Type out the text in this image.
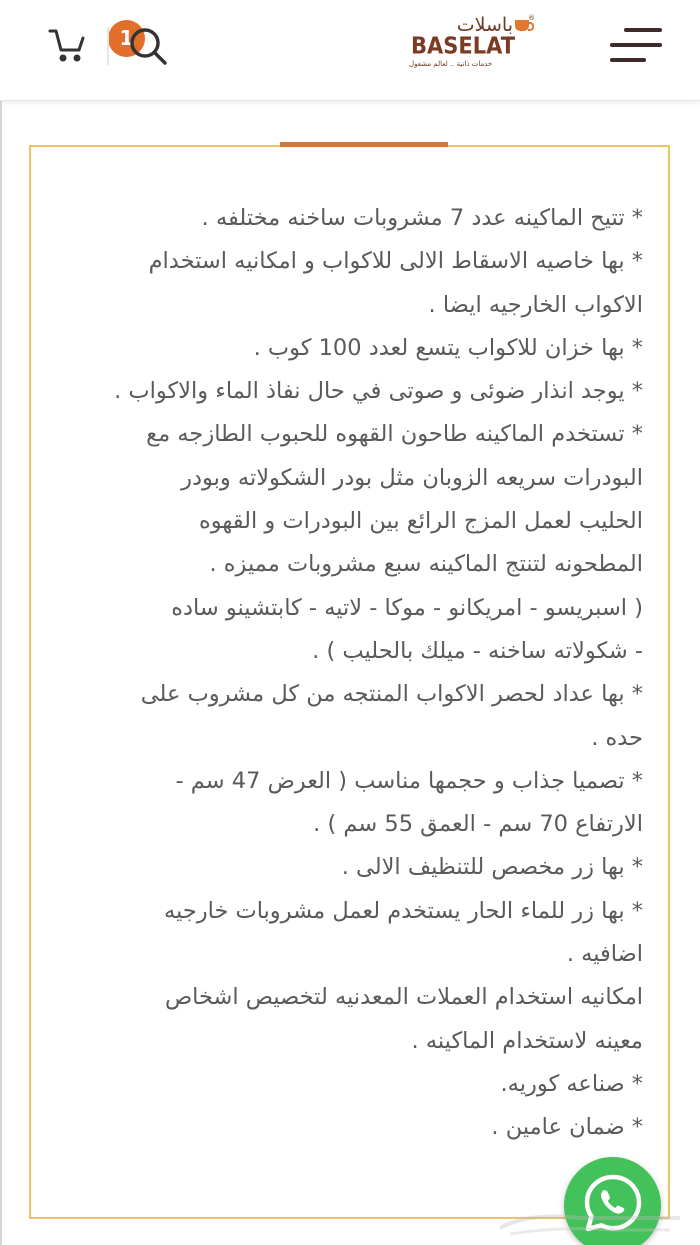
1
باسلات ®
BASELAT
خدمات ذاتية .. لعالم مشغول

* تتيح الماكينه عدد 7 مشروبات ساخنه مختلفه .

* بها خاصيه الاسقاط الالى للاكواب و امكانيه استخدام

الاكواب الخارجيه ايضا .

* بها خزان للاكواب يتسع لعدد 100 كوب .

* يوجد انذار ضوئى و صوتى في حال نفاذ الماء والاكواب .

* تستخدم الماكينه طاحون القهوه للحبوب الطازجه مع

البودرات سريعه الزوبان مثل بودر الشكولاته وبودر

الحليب لعمل المزج الرائع بين البودرات و القهوه

المطحونه لتنتج الماكينه سبع مشروبات مميزه .

( اسبريسو - امريكانو - موكا - لاتيه - كابتشينو ساده

- شكولاته ساخنه - ميلك بالحليب ) .

* بها عداد لحصر الاكواب المنتجه من كل مشروب على

حده .

* تصميا جذاب و حجمها مناسب ( العرض 47 سم -

الارتفاع 70 سم - العمق 55 سم ) .

* بها زر مخصص للتنظيف الالى .

* بها زر للماء الحار يستخدم لعمل مشروبات خارجيه

اضافيه .

امكانيه استخدام العملات المعدنيه لتخصيص اشخاص

معينه لاستخدام الماكينه .

* صناعه كوريه.

* ضمان عامين .
